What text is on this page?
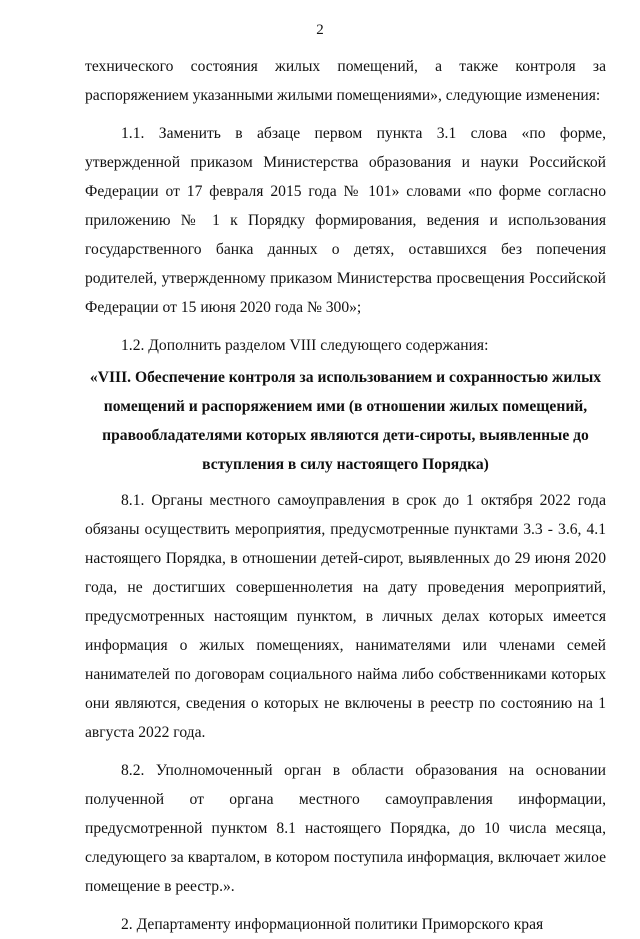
2

технического состояния жилых помещений, а также контроля за распоряжением указанными жилыми помещениями», следующие изменения:

1.1. Заменить в абзаце первом пункта 3.1 слова «по форме, утвержденной приказом Министерства образования и науки Российской Федерации от 17 февраля 2015 года № 101» словами «по форме согласно приложению № 1 к Порядку формирования, ведения и использования государственного банка данных о детях, оставшихся без попечения родителей, утвержденному приказом Министерства просвещения Российской Федерации от 15 июня 2020 года № 300»;

1.2. Дополнить разделом VIII следующего содержания:

«VIII. Обеспечение контроля за использованием и сохранностью жилых помещений и распоряжением ими (в отношении жилых помещений, правообладателями которых являются дети-сироты, выявленные до вступления в силу настоящего Порядка)

8.1. Органы местного самоуправления в срок до 1 октября 2022 года обязаны осуществить мероприятия, предусмотренные пунктами 3.3 - 3.6, 4.1 настоящего Порядка, в отношении детей-сирот, выявленных до 29 июня 2020 года, не достигших совершеннолетия на дату проведения мероприятий, предусмотренных настоящим пунктом, в личных делах которых имеется информация о жилых помещениях, нанимателями или членами семей нанимателей по договорам социального найма либо собственниками которых они являются, сведения о которых не включены в реестр по состоянию на 1 августа 2022 года.

8.2. Уполномоченный орган в области образования на основании полученной от органа местного самоуправления информации, предусмотренной пунктом 8.1 настоящего Порядка, до 10 числа месяца, следующего за кварталом, в котором поступила информация, включает жилое помещение в реестр.».

2. Департаменту информационной политики Приморского края
